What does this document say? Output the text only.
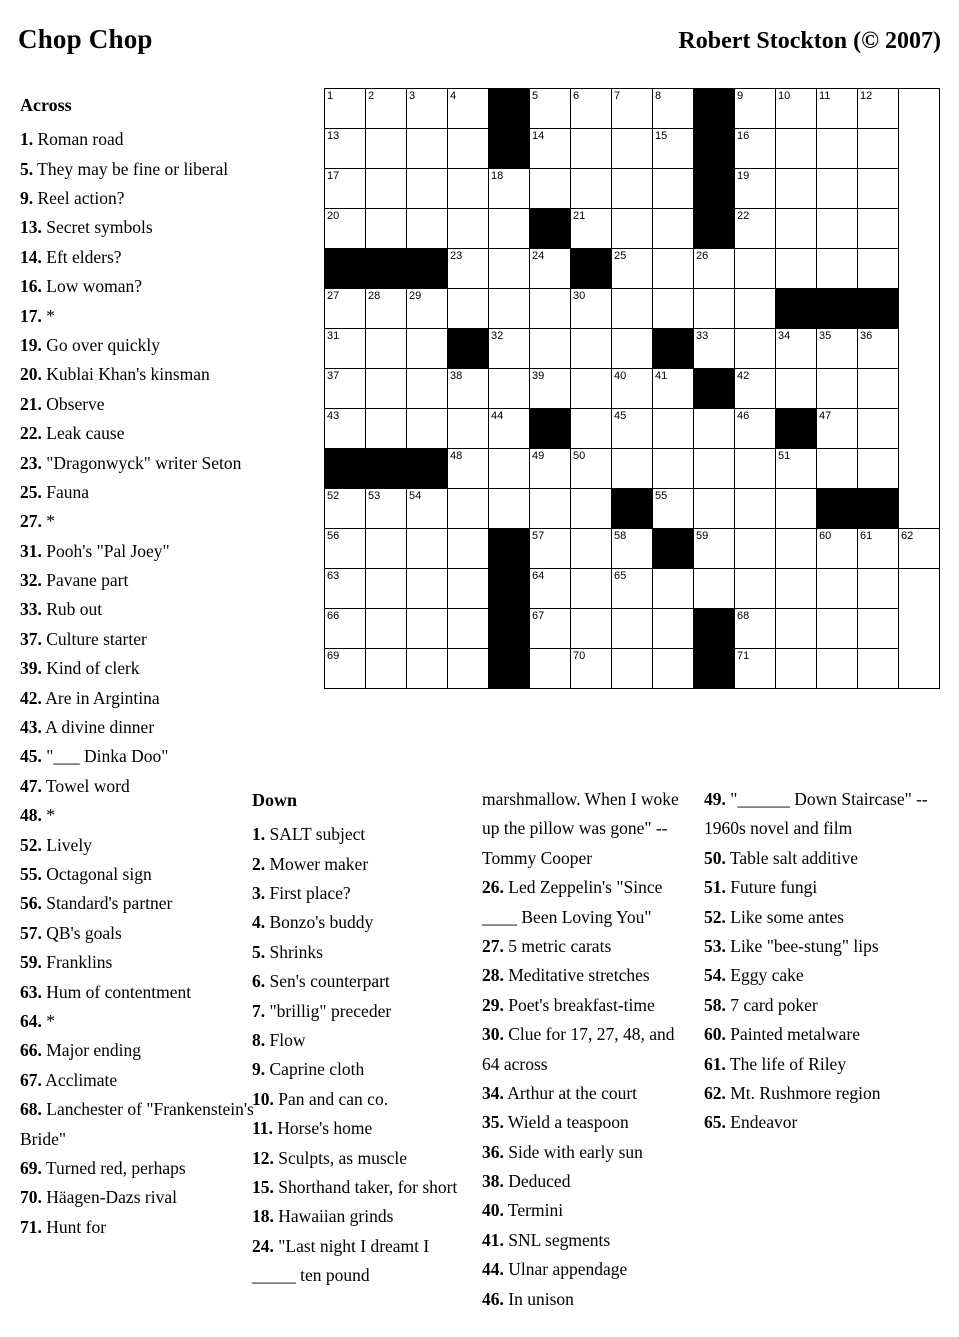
Chop Chop	Robert Stockton (© 2007)
Across

1. Roman road

5. They may be fine or liberal

9. Reel action?

13. Secret symbols

14. Eft elders?

16. Low woman?

17. *

19. Go over quickly

20. Kublai Khan's kinsman

21. Observe

22. Leak cause

23. "Dragonwyck" writer Seton

25. Fauna

27. *

31. Pooh's "Pal Joey"

32. Pavane part

33. Rub out

37. Culture starter

39. Kind of clerk

42. Are in Argintina

43. A divine dinner

45. "___ Dinka Doo"

47. Towel word

48. *

52. Lively

55. Octagonal sign

56. Standard's partner

57. QB's goals

59. Franklins

63. Hum of contentment

64. *

66. Major ending

67. Acclimate

68. Lanchester of "Frankenstein's Bride"

69. Turned red, perhaps

70. Häagen-Dazs rival

71. Hunt for

1	2	3	4		5	6	7	8		9	10	11	12	

13					14			15		16				

17				18						19				

20						21				22				

			23		24		25		26					

27	28	29				30								

31				32					33		34	35	36	

37			38		39		40	41		42				

43				44			45			46		47		

			48		49	50					51			

52	53	54						55						

56					57		58		59			60	61	62

63					64		65							

66					67					68				

69						70				71				

Down

1. SALT subject

2. Mower maker

3. First place?

4. Bonzo's buddy

5. Shrinks

6. Sen's counterpart

7. "brillig" preceder

8. Flow

9. Caprine cloth

10. Pan and can co.

11. Horse's home

12. Sculpts, as muscle

15. Shorthand taker, for short

18. Hawaiian grinds

24. "Last night I dreamt I _____ ten pound

marshmallow. When I woke up the pillow was gone" -- Tommy Cooper

26. Led Zeppelin's "Since ____ Been Loving You"

27. 5 metric carats

28. Meditative stretches

29. Poet's breakfast-time

30. Clue for 17, 27, 48, and 64 across

34. Arthur at the court

35. Wield a teaspoon

36. Side with early sun

38. Deduced

40. Termini

41. SNL segments

44. Ulnar appendage

46. In unison

49. "______ Down Staircase" -- 1960s novel and film

50. Table salt additive

51. Future fungi

52. Like some antes

53. Like "bee-stung" lips

54. Eggy cake

58. 7 card poker

60. Painted metalware

61. The life of Riley

62. Mt. Rushmore region

65. Endeavor
